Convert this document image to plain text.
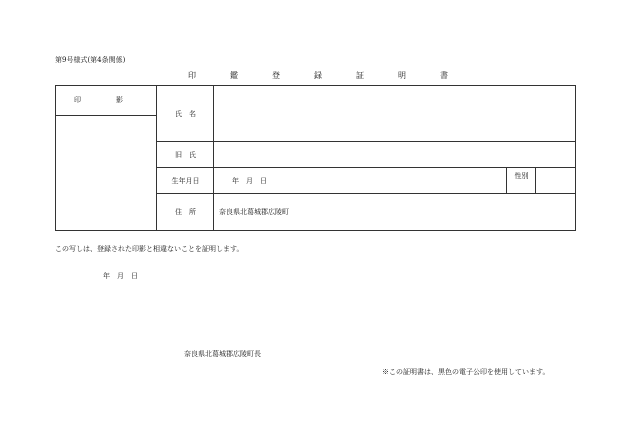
第9号様式(第4条関係)
印	鑑	登	録	証	明	書
印　影
氏　名
旧　氏
生年月日	年　月　日
性別
住　所	奈良県北葛城郡広陵町
この写しは、登録された印影と相違ないことを証明します。
年　月　日
奈良県北葛城郡広陵町長
※この証明書は、黒色の電子公印を使用しています。
